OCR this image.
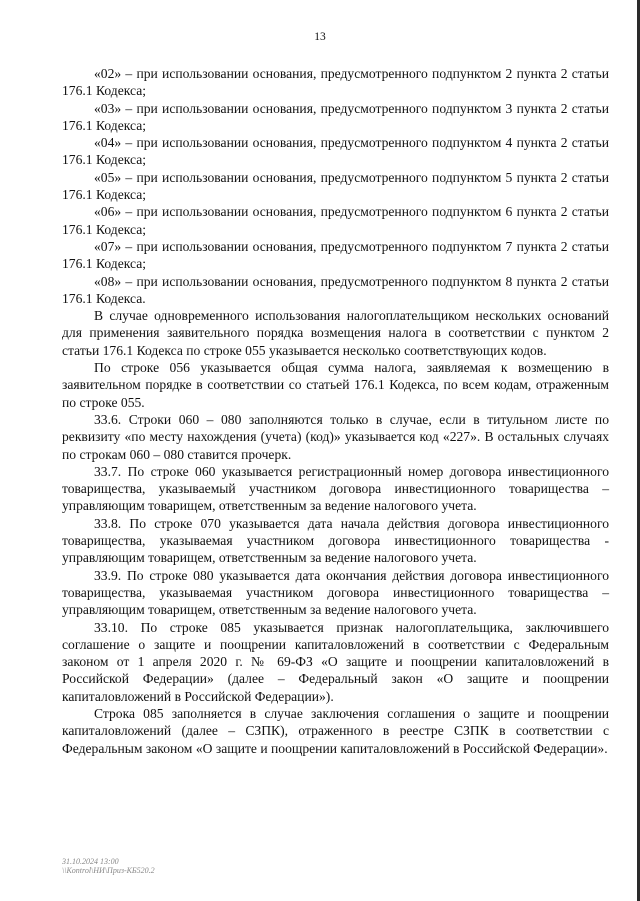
13

«02» – при использовании основания, предусмотренного подпунктом 2 пункта 2 статьи 176.1 Кодекса;

«03» – при использовании основания, предусмотренного подпунктом 3 пункта 2 статьи 176.1 Кодекса;

«04» – при использовании основания, предусмотренного подпунктом 4 пункта 2 статьи 176.1 Кодекса;

«05» – при использовании основания, предусмотренного подпунктом 5 пункта 2 статьи 176.1 Кодекса;

«06» – при использовании основания, предусмотренного подпунктом 6 пункта 2 статьи 176.1 Кодекса;

«07» – при использовании основания, предусмотренного подпунктом 7 пункта 2 статьи 176.1 Кодекса;

«08» – при использовании основания, предусмотренного подпунктом 8 пункта 2 статьи 176.1 Кодекса.

В случае одновременного использования налогоплательщиком нескольких оснований для применения заявительного порядка возмещения налога в соответствии с пунктом 2 статьи 176.1 Кодекса по строке 055 указывается несколько соответствующих кодов.

По строке 056 указывается общая сумма налога, заявляемая к возмещению в заявительном порядке в соответствии со статьей 176.1 Кодекса, по всем кодам, отраженным по строке 055.

33.6. Строки 060 – 080 заполняются только в случае, если в титульном листе по реквизиту «по месту нахождения (учета) (код)» указывается код «227». В остальных случаях по строкам 060 – 080 ставится прочерк.

33.7. По строке 060 указывается регистрационный номер договора инвестиционного товарищества, указываемый участником договора инвестиционного товарищества – управляющим товарищем, ответственным за ведение налогового учета.

33.8. По строке 070 указывается дата начала действия договора инвестиционного товарищества, указываемая участником договора инвестиционного товарищества - управляющим товарищем, ответственным за ведение налогового учета.

33.9. По строке 080 указывается дата окончания действия договора инвестиционного товарищества, указываемая участником договора инвестиционного товарищества – управляющим товарищем, ответственным за ведение налогового учета.

33.10. По строке 085 указывается признак налогоплательщика, заключившего соглашение о защите и поощрении капиталовложений в соответствии с Федеральным законом от 1 апреля 2020 г. № 69-ФЗ «О защите и поощрении капиталовложений в Российской Федерации» (далее – Федеральный закон «О защите и поощрении капиталовложений в Российской Федерации»).

Строка 085 заполняется в случае заключения соглашения о защите и поощрении капиталовложений (далее – СЗПК), отраженного в реестре СЗПК в соответствии с Федеральным законом «О защите и поощрении капиталовложений в Российской Федерации».

31.10.2024 13:00
\\Kontrol\НИ\Приз-КБ520.2
